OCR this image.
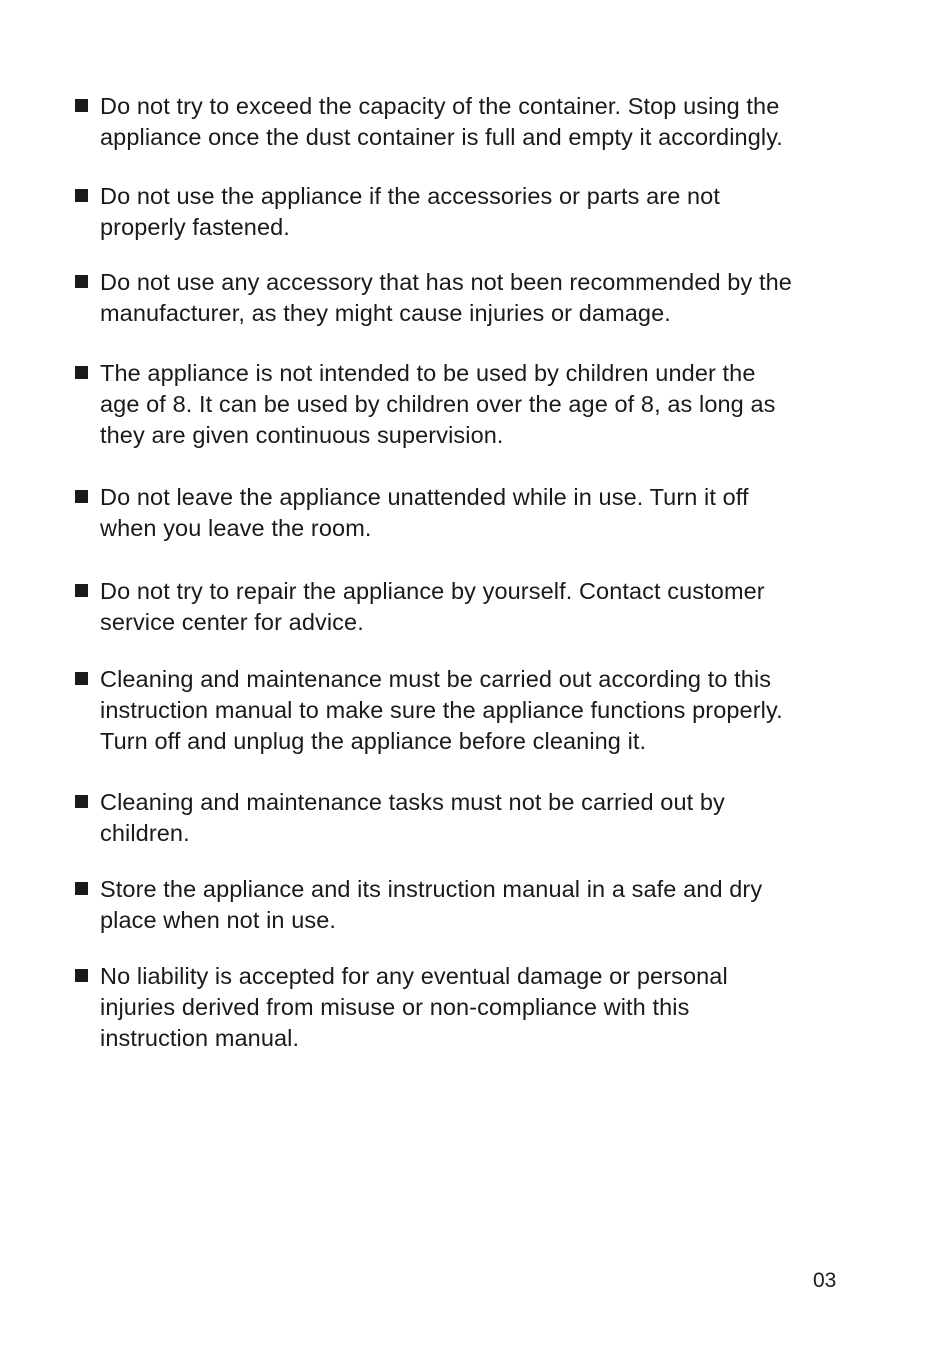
Do not try to exceed the capacity of the container. Stop using the
appliance once the dust container is full and empty it accordingly.
Do not use the appliance if the accessories or parts are not
properly fastened.
Do not use any accessory that has not been recommended by the
manufacturer, as they might cause injuries or damage.
The appliance is not intended to be used by children under the
age of 8. It can be used by children over the age of 8, as long as
they are given continuous supervision.
Do not leave the appliance unattended while in use. Turn it off
when you leave the room.
Do not try to repair the appliance by yourself. Contact customer
service center for advice.
Cleaning and maintenance must be carried out according to this
instruction manual to make sure the appliance functions properly.
Turn off and unplug the appliance before cleaning it.
Cleaning and maintenance tasks must not be carried out by
children.
Store the appliance and its instruction manual in a safe and dry
place when not in use.
No liability is accepted for any eventual damage or personal
injuries derived from misuse or non-compliance with this
instruction manual.
03
